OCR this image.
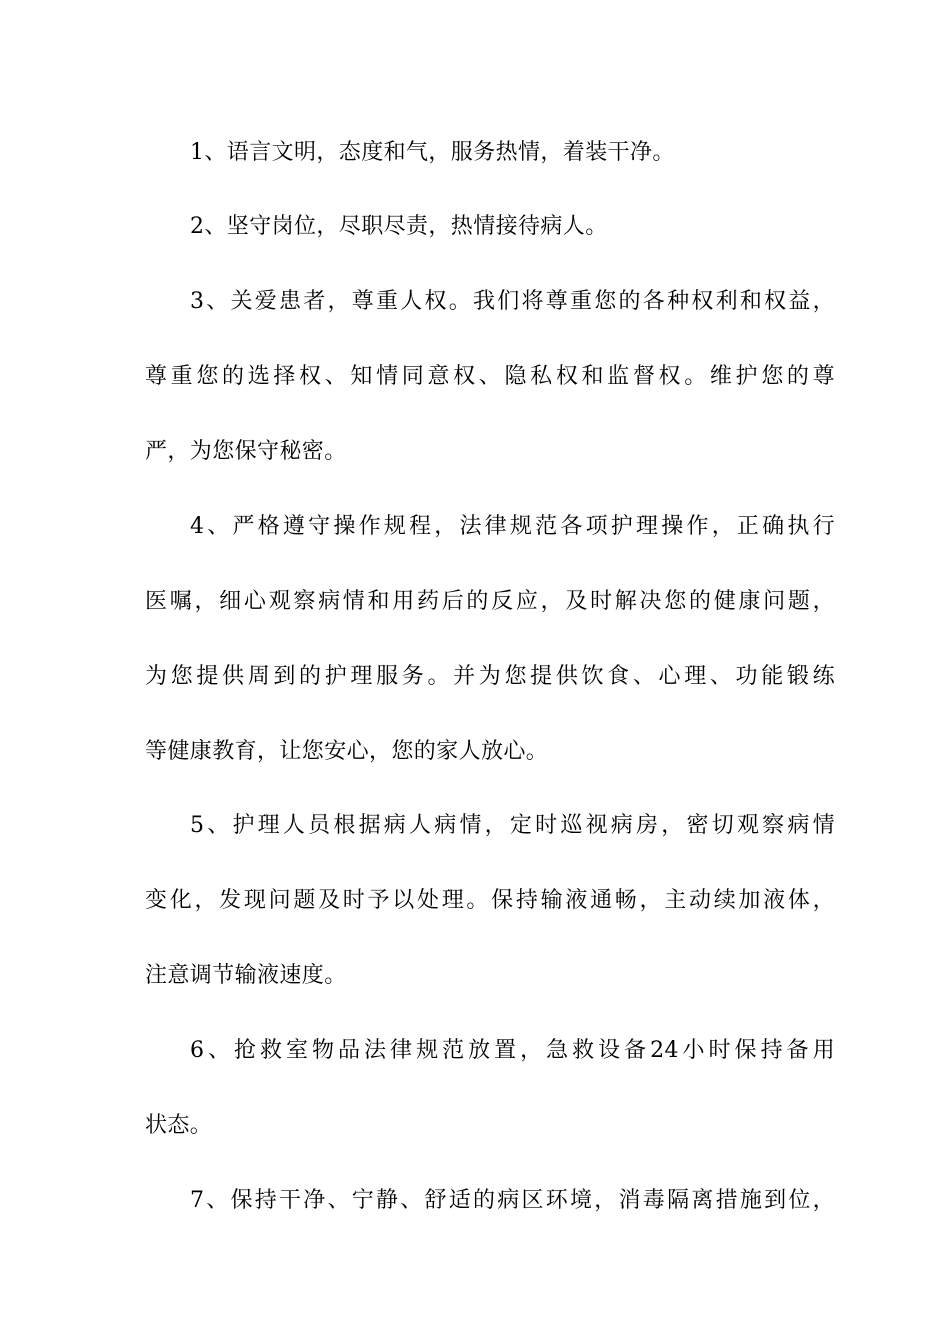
1、语言文明，态度和气，服务热情，着装干净。
2、坚守岗位，尽职尽责，热情接待病人。
3、关爱患者，尊重人权。我们将尊重您的各种权利和权益，
尊重您的选择权、知情同意权、隐私权和监督权。维护您的尊
严，为您保守秘密。
4、严格遵守操作规程，法律规范各项护理操作，正确执行
医嘱，细心观察病情和用药后的反应，及时解决您的健康问题，
为您提供周到的护理服务。并为您提供饮食、心理、功能锻练
等健康教育，让您安心，您的家人放心。
5、护理人员根据病人病情，定时巡视病房，密切观察病情
变化，发现问题及时予以处理。保持输液通畅，主动续加液体，
注意调节输液速度。
6、抢救室物品法律规范放置，急救设备24小时保持备用
状态。
7、保持干净、宁静、舒适的病区环境，消毒隔离措施到位，
